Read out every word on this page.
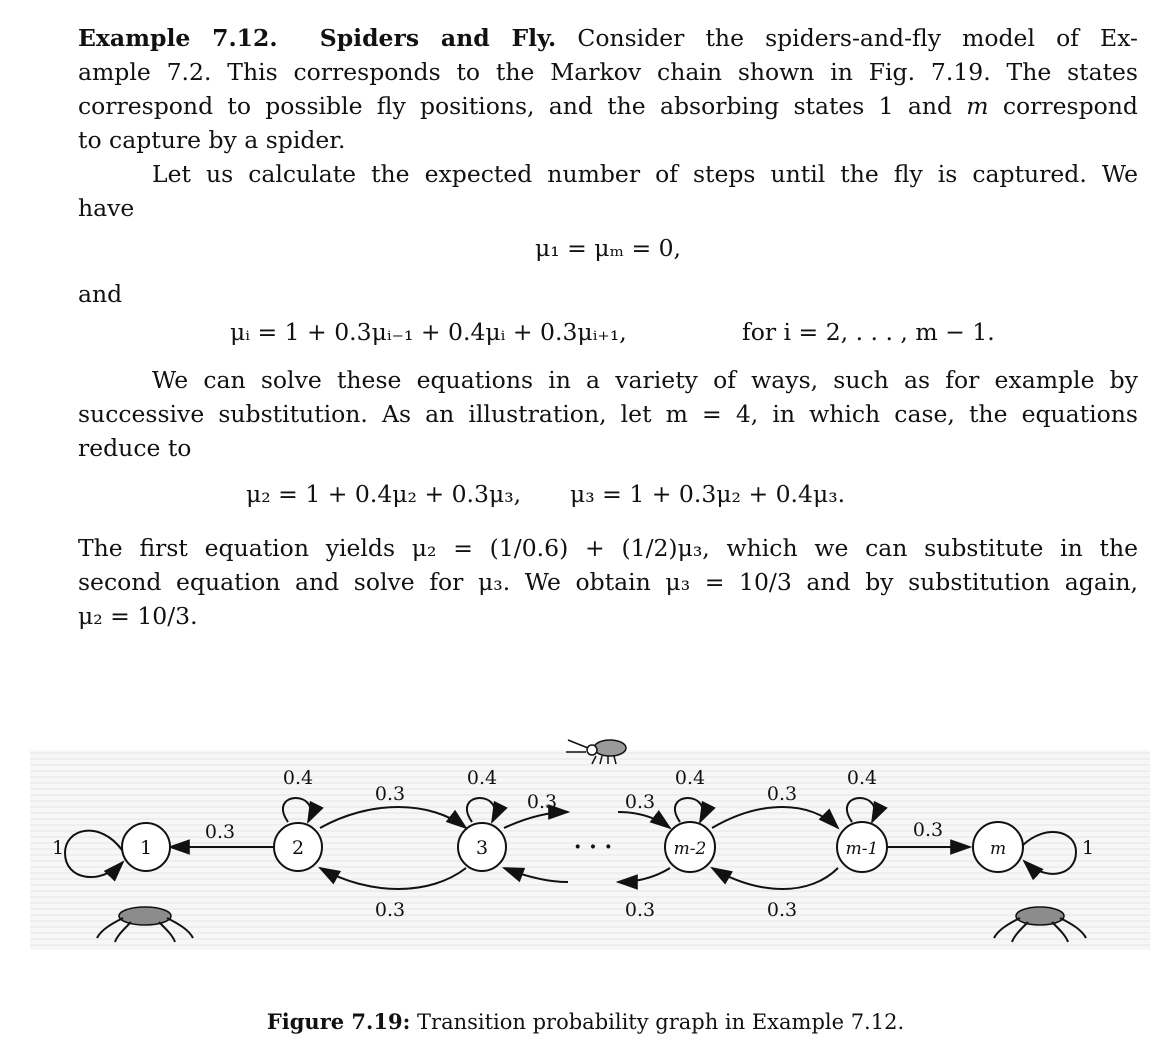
Example 7.12. Spiders and Fly. Consider the spiders-and-fly model of Ex-
ample 7.2. This corresponds to the Markov chain shown in Fig. 7.19. The states
correspond to possible fly positions, and the absorbing states 1 and m correspond
to capture by a spider.
Let us calculate the expected number of steps until the fly is captured. We
have
μ₁ = μₘ = 0,
and
μᵢ = 1 + 0.3μᵢ₋₁ + 0.4μᵢ + 0.3μᵢ₊₁,	for i = 2, . . . , m − 1.
We can solve these equations in a variety of ways, such as for example by
successive substitution. As an illustration, let m = 4, in which case, the equations
reduce to
μ₂ = 1 + 0.4μ₂ + 0.3μ₃, μ₃ = 1 + 0.3μ₂ + 0.4μ₃.
The first equation yields μ₂ = (1/0.6) + (1/2)μ₃, which we can substitute in the
second equation and solve for μ₃. We obtain μ₃ = 10/3 and by substitution again,
μ₂ = 10/3.
1	2	3	m-2	m-1	m
· · ·
1
0.4	0.4	0.4	0.4
1
0.3
0.3
0.3
0.3	0.3
0.3
0.3
0.3
0.3
Figure 7.19: Transition probability graph in Example 7.12.
